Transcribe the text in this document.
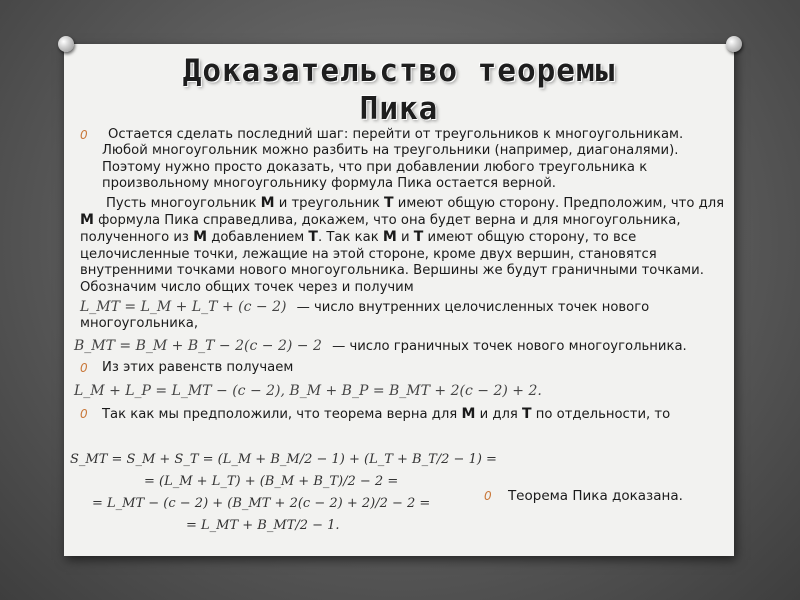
Доказательство теоремы
Пика
0	Остается сделать последний шаг: перейти от треугольников к многоугольникам. Любой многоугольник можно разбить на треугольники (например, диагоналями). Поэтому нужно просто доказать, что при добавлении любого треугольника к произвольному многоугольнику формула Пика остается верной.

Пусть многоугольник M и треугольник T имеют общую сторону. Предположим, что для M формула Пика справедлива, докажем, что она будет верна и для многоугольника, полученного из M добавлением T. Так как M и T имеют общую сторону, то все целочисленные точки, лежащие на этой стороне, кроме двух вершин, становятся внутренними точками нового многоугольника. Вершины же будут граничными точками. Обозначим число общих точек через и получим

L_MT = L_M + L_T + (c − 2) — число внутренних целочисленных точек нового многоугольника,
B_MT = B_M + B_T − 2(c − 2) − 2 — число граничных точек нового многоугольника.
0 Из этих равенств получаем

L_M + L_P = L_MT − (c − 2), B_M + B_P = B_MT + 2(c − 2) + 2.
0 Так как мы предположили, что теорема верна для M и для T по отдельности, то

S_MT = S_M + S_T = (L_M + B_M/2 − 1) + (L_T + B_T/2 − 1) =
= (L_M + L_T) + (B_M + B_T)/2 − 2 =
= L_MT − (c − 2) + (B_MT + 2(c − 2) + 2)/2 − 2 =
= L_MT + B_MT/2 − 1.
0 Теорема Пика доказана.
